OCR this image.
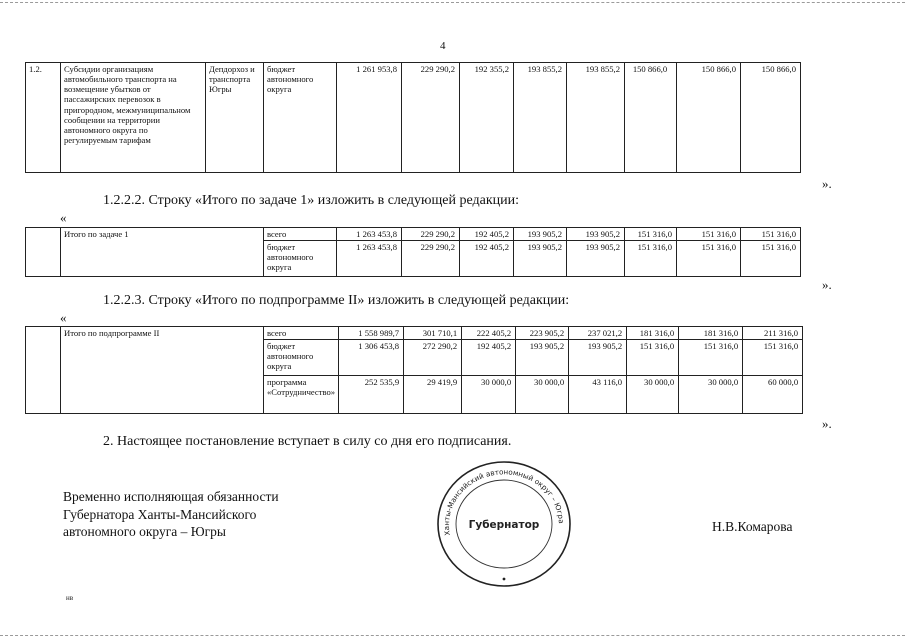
4
1.2.	Субсидии организациям автомобильного транспорта на возмещение убытков от пассажирских перевозок в пригородном, межмуниципальном сообщении на территории автономного округа по регулируемым тарифам	Депдорхоз и транспорта Югры	бюджет автономного округа	1 261 953,8	229 290,2	192 355,2	193 855,2	193 855,2	150 866,0	150 866,0	150 866,0
».
1.2.2.2. Строку «Итого по задаче 1» изложить в следующей редакции:
«
	Итого по задаче 1	всего	1 263 453,8	229 290,2	192 405,2	193 905,2	193 905,2	151 316,0	151 316,0	151 316,0
		бюджет автономного округа	1 263 453,8	229 290,2	192 405,2	193 905,2	193 905,2	151 316,0	151 316,0	151 316,0
».
1.2.2.3. Строку «Итого по подпрограмме II» изложить в следующей редакции:
«
	Итого по подпрограмме II	всего	1 558 989,7	301 710,1	222 405,2	223 905,2	237 021,2	181 316,0	181 316,0	211 316,0
		бюджет автономного округа	1 306 453,8	272 290,2	192 405,2	193 905,2	193 905,2	151 316,0	151 316,0	151 316,0
		программа «Сотрудничество»	252 535,9	29 419,9	30 000,0	30 000,0	43 116,0	30 000,0	30 000,0	60 000,0
».
2. Настоящее постановление вступает в силу со дня его подписания.
Временно исполняющая обязанности
Губернатора Ханты-Мансийского
автономного округа – Югры	Ханты-Мансийский автономный округ – Югра
Губернатор	Н.В.Комарова
нв
